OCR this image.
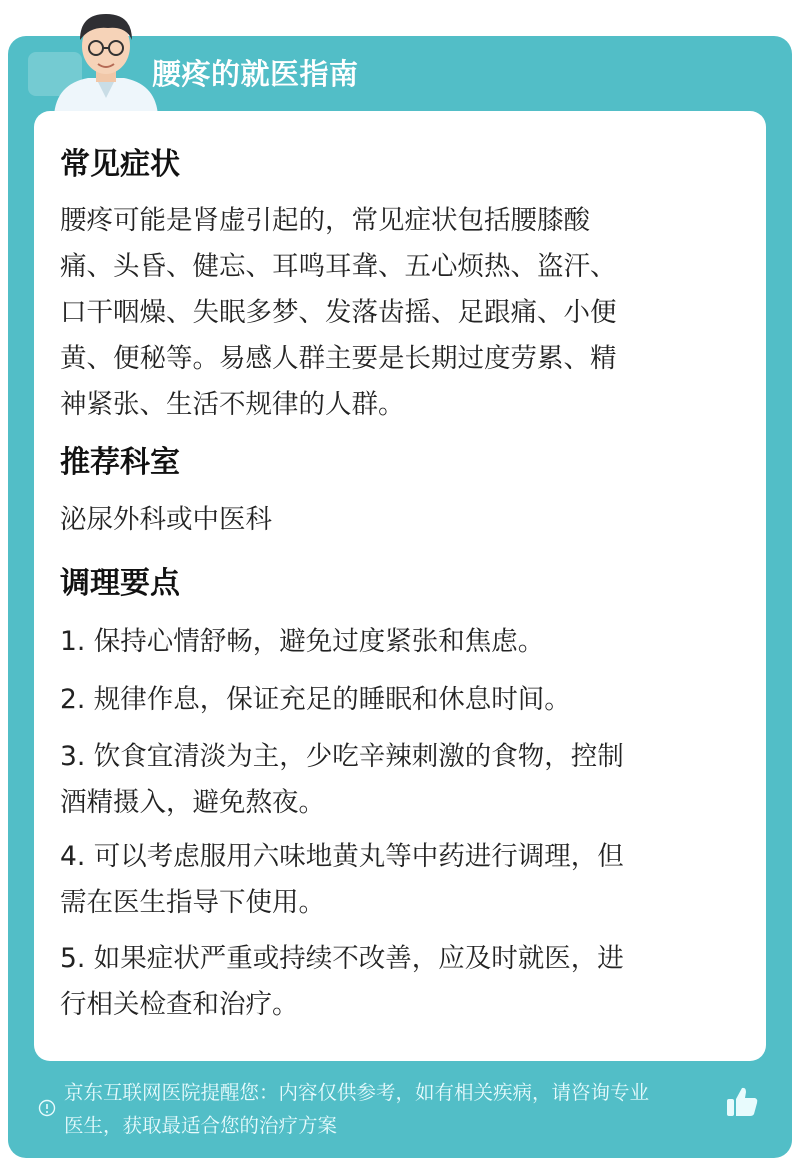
腰疼的就医指南
常见症状
腰疼可能是肾虚引起的，常见症状包括腰膝酸
痛、头昏、健忘、耳鸣耳聋、五心烦热、盗汗、
口干咽燥、失眠多梦、发落齿摇、足跟痛、小便
黄、便秘等。易感人群主要是长期过度劳累、精
神紧张、生活不规律的人群。
推荐科室
泌尿外科或中医科
调理要点
1. 保持心情舒畅，避免过度紧张和焦虑。
2. 规律作息，保证充足的睡眠和休息时间。
3. 饮食宜清淡为主，少吃辛辣刺激的食物，控制
酒精摄入，避免熬夜。
4. 可以考虑服用六味地黄丸等中药进行调理，但
需在医生指导下使用。
5. 如果症状严重或持续不改善，应及时就医，进
行相关检查和治疗。
京东互联网医院提醒您：内容仅供参考，如有相关疾病，请咨询专业
医生，获取最适合您的治疗方案
